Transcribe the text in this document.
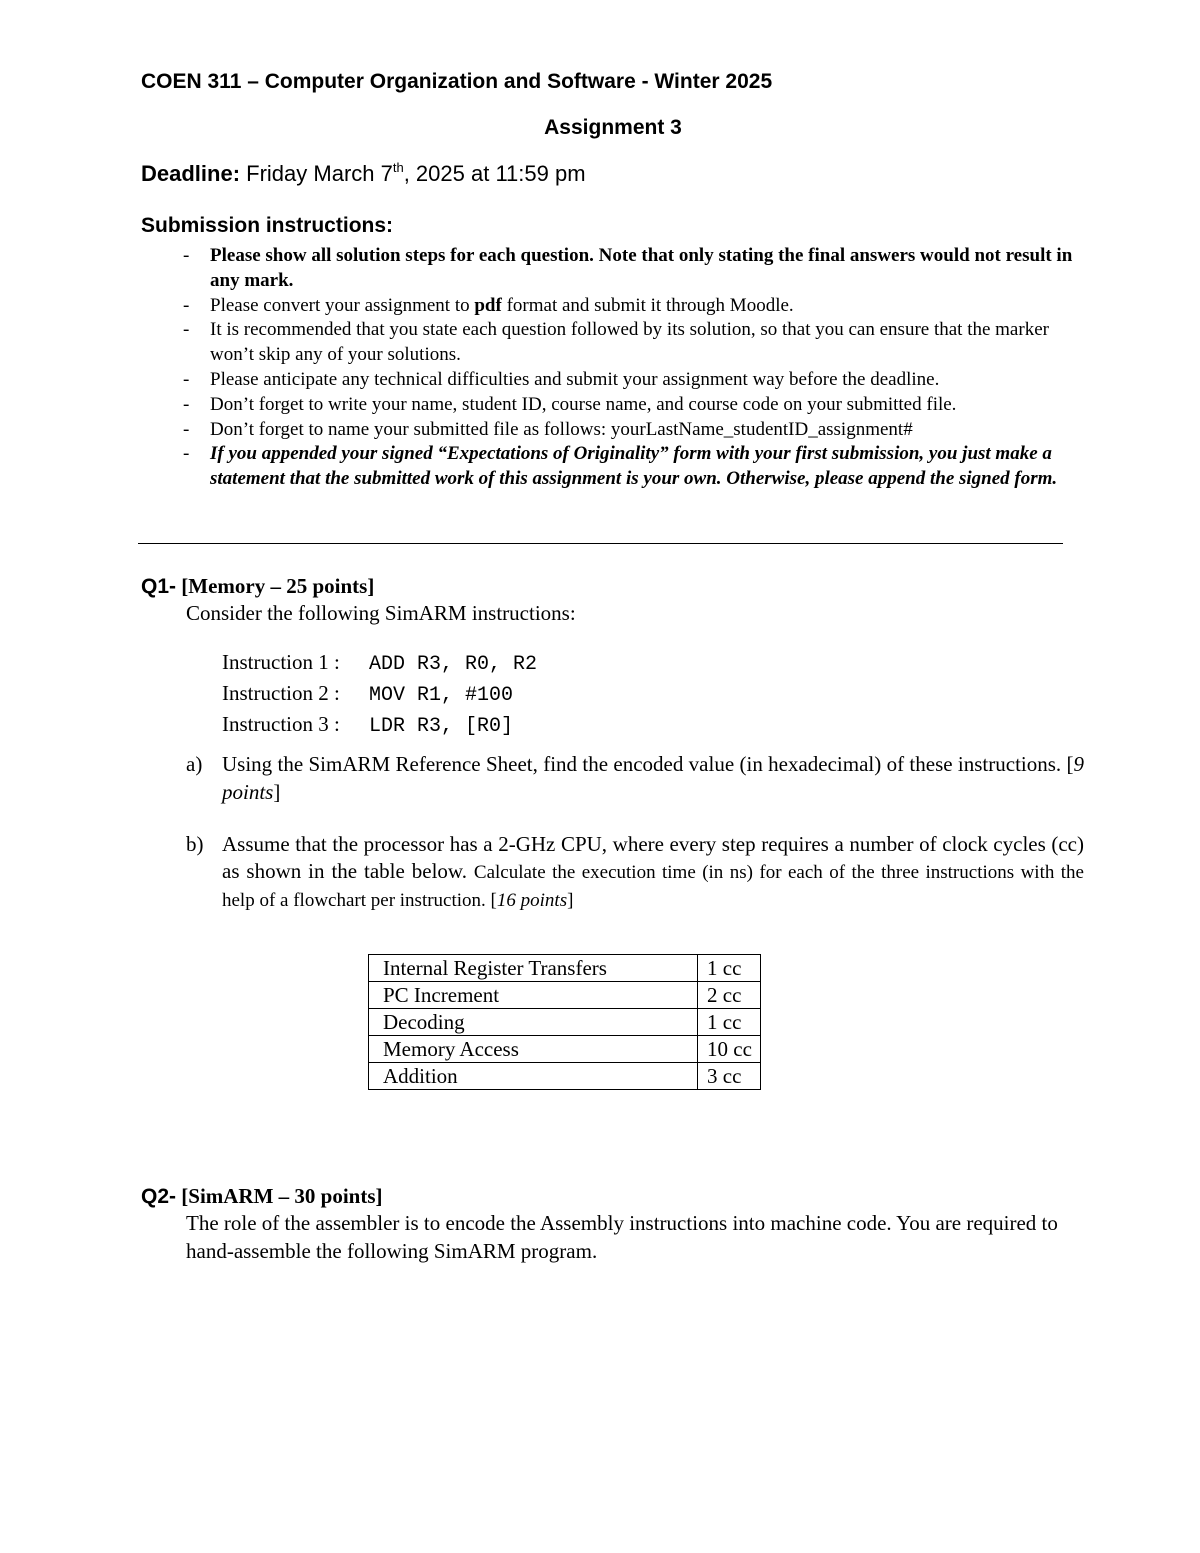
COEN 311 – Computer Organization and Software - Winter 2025
Assignment 3
Deadline: Friday March 7th, 2025 at 11:59 pm
Submission instructions:
- Please show all solution steps for each question. Note that only stating the final answers would not result in any mark.
- Please convert your assignment to pdf format and submit it through Moodle.
- It is recommended that you state each question followed by its solution, so that you can ensure that the marker won’t skip any of your solutions.
- Please anticipate any technical difficulties and submit your assignment way before the deadline.
- Don’t forget to write your name, student ID, course name, and course code on your submitted file.
- Don’t forget to name your submitted file as follows: yourLastName_studentID_assignment#
- If you appended your signed “Expectations of Originality” form with your first submission, you just make a statement that the submitted work of this assignment is your own. Otherwise, please append the signed form.
Q1- [Memory – 25 points]
Consider the following SimARM instructions:
Instruction 1 : ADD R3, R0, R2
Instruction 2 : MOV R1, #100
Instruction 3 : LDR R3, [R0]
a) Using the SimARM Reference Sheet, find the encoded value (in hexadecimal) of these instructions. [9 points]
b) Assume that the processor has a 2-GHz CPU, where every step requires a number of clock cycles (cc) as shown in the table below. Calculate the execution time (in ns) for each of the three instructions with the help of a flowchart per instruction. [16 points]
Internal Register Transfers	1 cc
PC Increment	2 cc
Decoding	1 cc
Memory Access	10 cc
Addition	3 cc
Q2- [SimARM – 30 points]
The role of the assembler is to encode the Assembly instructions into machine code. You are required to hand-assemble the following SimARM program.
